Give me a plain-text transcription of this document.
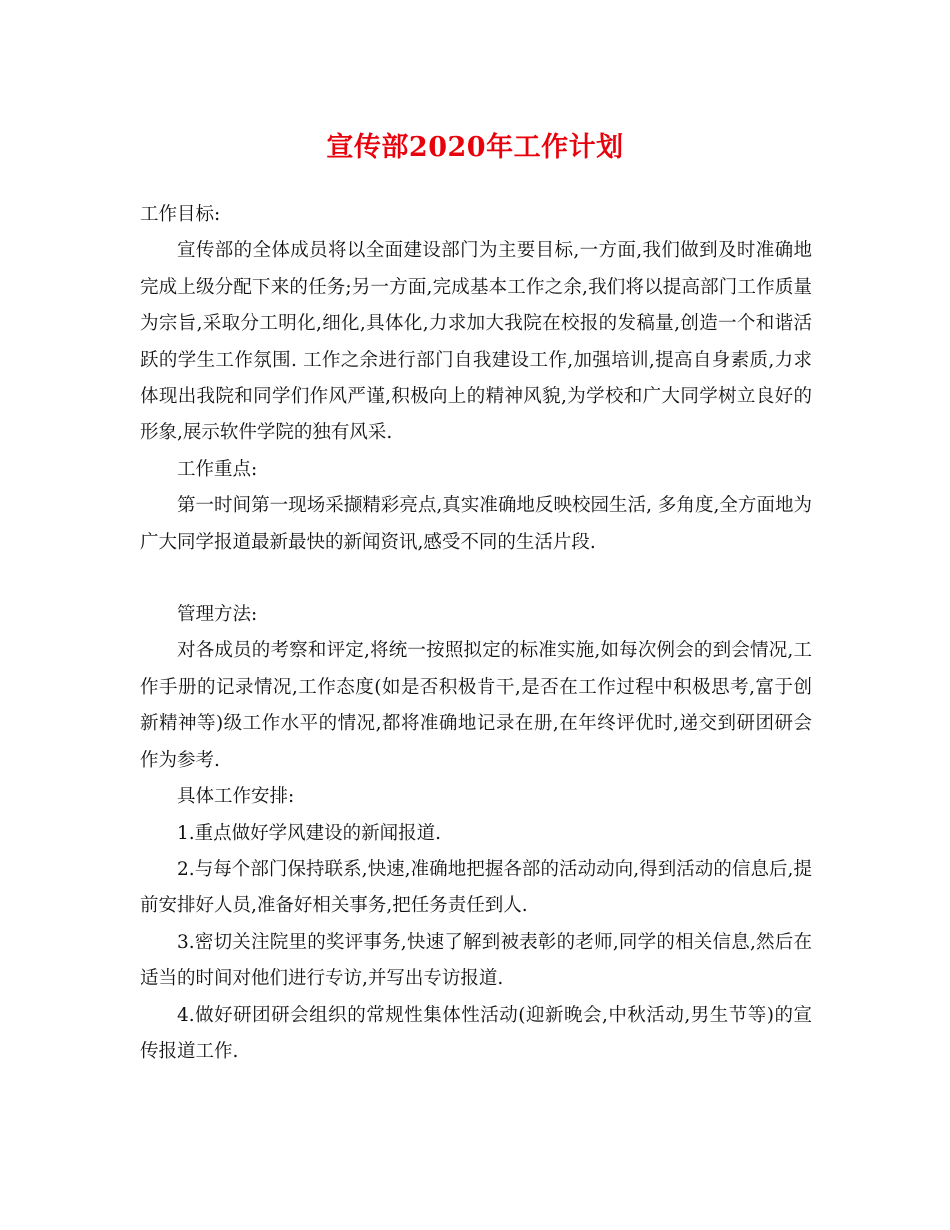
宣传部2020年工作计划

工作目标:

宣传部的全体成员将以全面建设部门为主要目标,一方面,我们做到及时准确地完成上级分配下来的任务;另一方面,完成基本工作之余,我们将以提高部门工作质量为宗旨,采取分工明化,细化,具体化,力求加大我院在校报的发稿量,创造一个和谐活跃的学生工作氛围. 工作之余进行部门自我建设工作,加强培训,提高自身素质,力求体现出我院和同学们作风严谨,积极向上的精神风貌,为学校和广大同学树立良好的形象,展示软件学院的独有风采.

工作重点:

第一时间第一现场采撷精彩亮点,真实准确地反映校园生活, 多角度,全方面地为广大同学报道最新最快的新闻资讯,感受不同的生活片段.

管理方法:

对各成员的考察和评定,将统一按照拟定的标准实施,如每次例会的到会情况,工作手册的记录情况,工作态度(如是否积极肯干,是否在工作过程中积极思考,富于创新精神等)级工作水平的情况,都将准确地记录在册,在年终评优时,递交到研团研会作为参考.

具体工作安排:

1.重点做好学风建设的新闻报道.

2.与每个部门保持联系,快速,准确地把握各部的活动动向,得到活动的信息后,提前安排好人员,准备好相关事务,把任务责任到人.

3.密切关注院里的奖评事务,快速了解到被表彰的老师,同学的相关信息,然后在适当的时间对他们进行专访,并写出专访报道.

4.做好研团研会组织的常规性集体性活动(迎新晚会,中秋活动,男生节等)的宣传报道工作.
